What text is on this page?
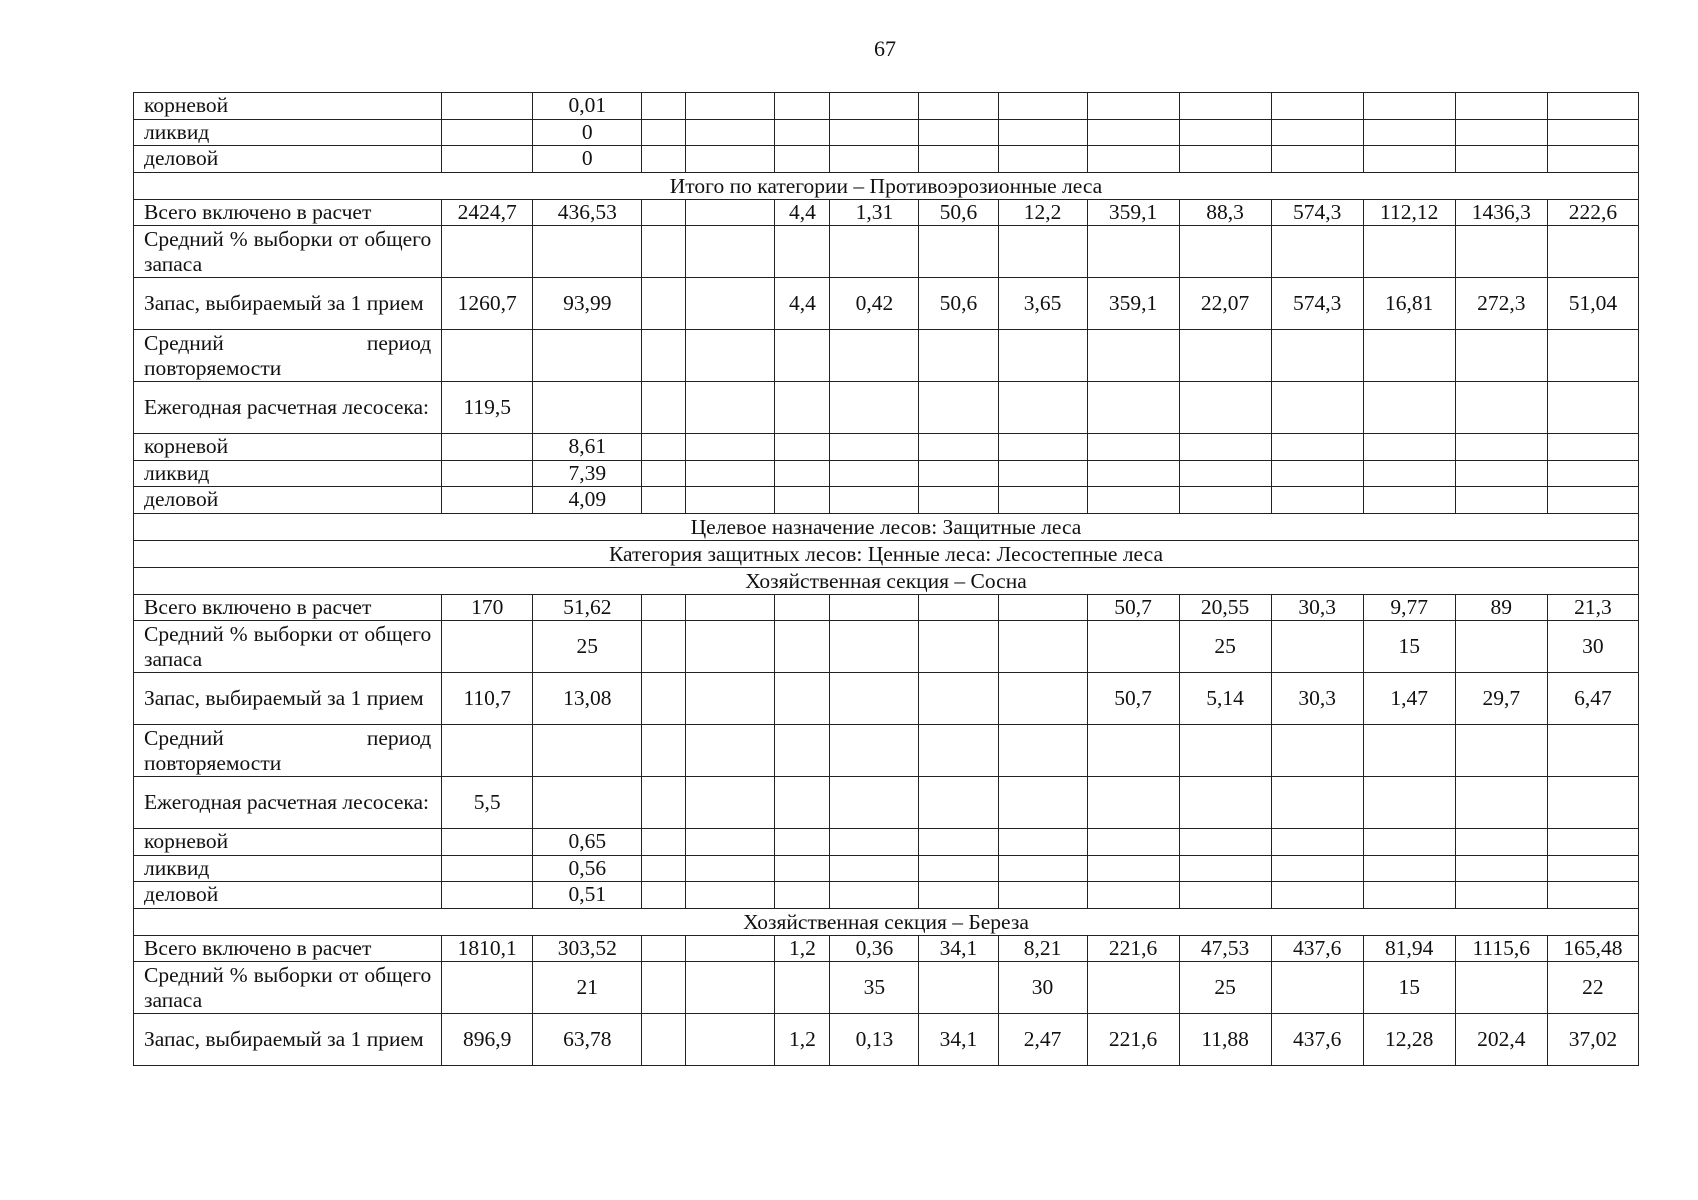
67
корневой		0,01												
ликвид		0												
деловой		0												
Итого по категории – Противоэрозионные леса														
Всего включено в расчет	2424,7	436,53			4,4	1,31	50,6	12,2	359,1	88,3	574,3	112,12	1436,3	222,6
Средний % выборки от общего запаса														
Запас, выбираемый за 1 прием	1260,7	93,99			4,4	0,42	50,6	3,65	359,1	22,07	574,3	16,81	272,3	51,04
Средний период повторяемости														
Ежегодная расчетная лесосека:	119,5													
корневой		8,61												
ликвид		7,39												
деловой		4,09												
Целевое назначение лесов: Защитные леса														
Категория защитных лесов: Ценные леса: Лесостепные леса														
Хозяйственная секция – Сосна														
Всего включено в расчет	170	51,62							50,7	20,55	30,3	9,77	89	21,3
Средний % выборки от общего запаса		25								25		15		30
Запас, выбираемый за 1 прием	110,7	13,08							50,7	5,14	30,3	1,47	29,7	6,47
Средний период повторяемости														
Ежегодная расчетная лесосека:	5,5													
корневой		0,65												
ликвид		0,56												
деловой		0,51												
Хозяйственная секция – Береза														
Всего включено в расчет	1810,1	303,52			1,2	0,36	34,1	8,21	221,6	47,53	437,6	81,94	1115,6	165,48
Средний % выборки от общего запаса		21				35		30		25		15		22
Запас, выбираемый за 1 прием	896,9	63,78			1,2	0,13	34,1	2,47	221,6	11,88	437,6	12,28	202,4	37,02
